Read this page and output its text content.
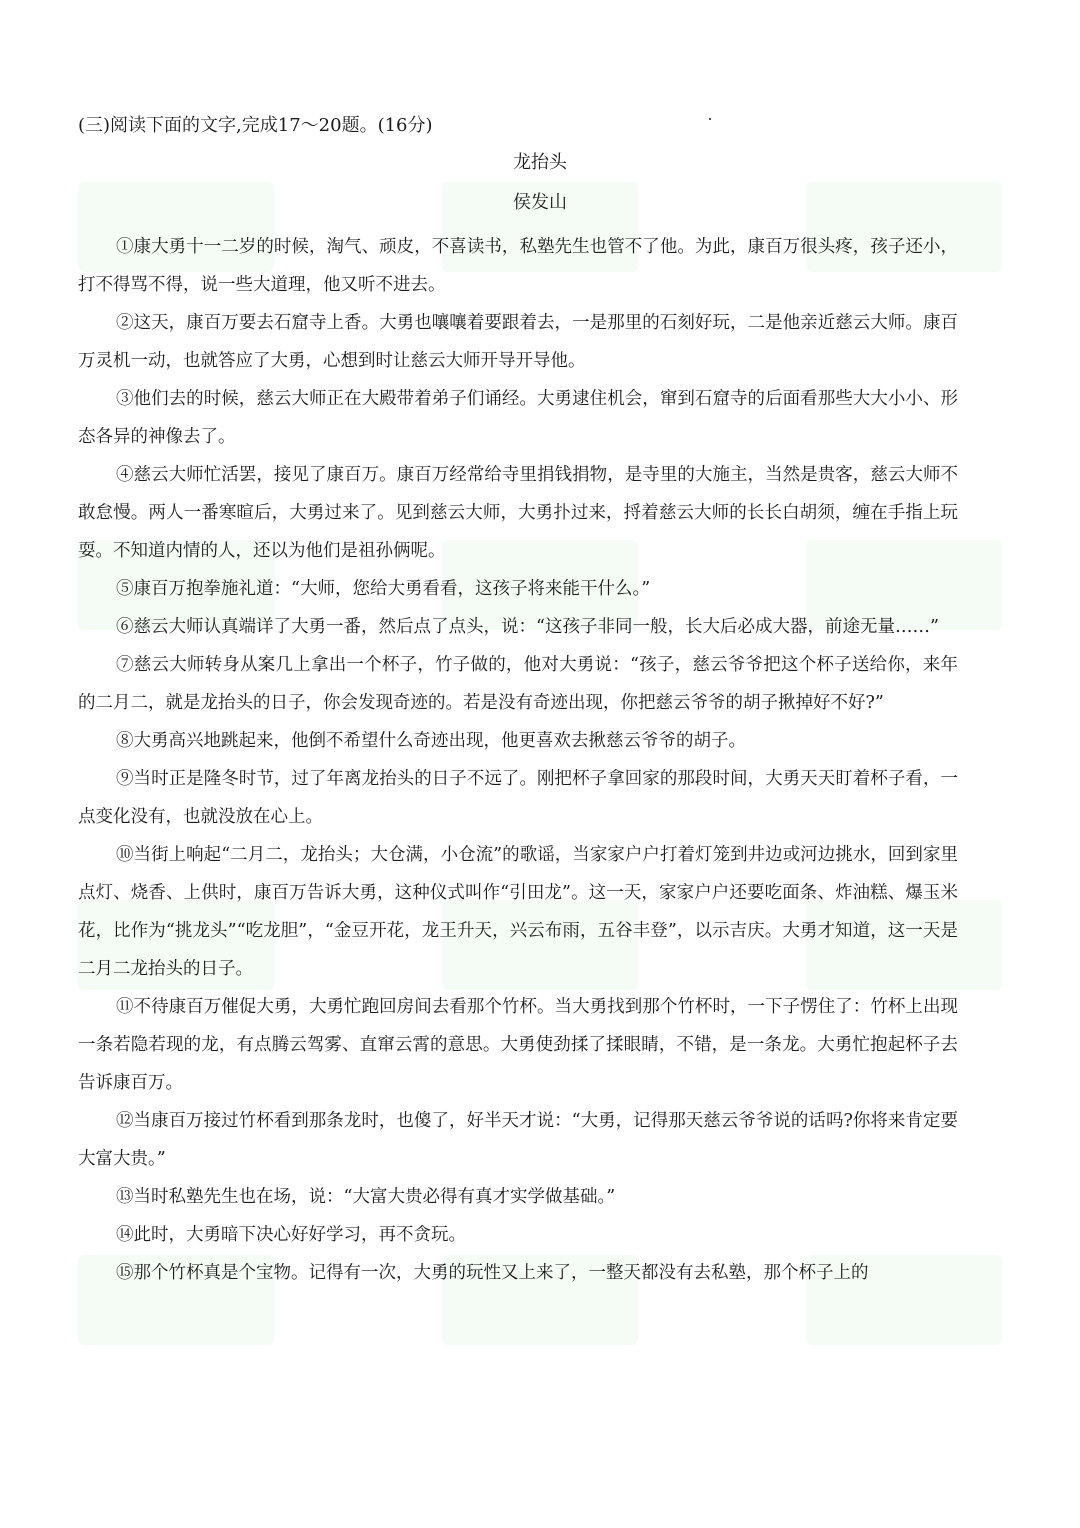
(三)阅读下面的文字,完成17～20题。(16分)
龙抬头
侯发山

①康大勇十一二岁的时候，淘气、顽皮，不喜读书，私塾先生也管不了他。为此，康百万很头疼，孩子还小，打不得骂不得，说一些大道理，他又听不进去。

②这天，康百万要去石窟寺上香。大勇也嚷嚷着要跟着去，一是那里的石刻好玩，二是他亲近慈云大师。康百万灵机一动，也就答应了大勇，心想到时让慈云大师开导开导他。

③他们去的时候，慈云大师正在大殿带着弟子们诵经。大勇逮住机会，窜到石窟寺的后面看那些大大小小、形态各异的神像去了。

④慈云大师忙活罢，接见了康百万。康百万经常给寺里捐钱捐物，是寺里的大施主，当然是贵客，慈云大师不敢怠慢。两人一番寒暄后，大勇过来了。见到慈云大师，大勇扑过来，捋着慈云大师的长长白胡须，缠在手指上玩耍。不知道内情的人，还以为他们是祖孙俩呢。

⑤康百万抱拳施礼道：“大师，您给大勇看看，这孩子将来能干什么。”

⑥慈云大师认真端详了大勇一番，然后点了点头，说：“这孩子非同一般，长大后必成大器，前途无量……”

⑦慈云大师转身从案几上拿出一个杯子，竹子做的，他对大勇说：“孩子，慈云爷爷把这个杯子送给你，来年的二月二，就是龙抬头的日子，你会发现奇迹的。若是没有奇迹出现，你把慈云爷爷的胡子揪掉好不好?”

⑧大勇高兴地跳起来，他倒不希望什么奇迹出现，他更喜欢去揪慈云爷爷的胡子。

⑨当时正是隆冬时节，过了年离龙抬头的日子不远了。刚把杯子拿回家的那段时间，大勇天天盯着杯子看，一点变化没有，也就没放在心上。

⑩当街上响起“二月二，龙抬头；大仓满，小仓流”的歌谣，当家家户户打着灯笼到井边或河边挑水，回到家里点灯、烧香、上供时，康百万告诉大勇，这种仪式叫作“引田龙”。这一天，家家户户还要吃面条、炸油糕、爆玉米花，比作为“挑龙头”“吃龙胆”，“金豆开花，龙王升天，兴云布雨，五谷丰登”，以示吉庆。大勇才知道，这一天是二月二龙抬头的日子。

⑪不待康百万催促大勇，大勇忙跑回房间去看那个竹杯。当大勇找到那个竹杯时，一下子愣住了：竹杯上出现一条若隐若现的龙，有点腾云驾雾、直窜云霄的意思。大勇使劲揉了揉眼睛，不错，是一条龙。大勇忙抱起杯子去告诉康百万。

⑫当康百万接过竹杯看到那条龙时，也傻了，好半天才说：“大勇，记得那天慈云爷爷说的话吗?你将来肯定要大富大贵。”

⑬当时私塾先生也在场，说：“大富大贵必得有真才实学做基础。”

⑭此时，大勇暗下决心好好学习，再不贪玩。

⑮那个竹杯真是个宝物。记得有一次，大勇的玩性又上来了，一整天都没有去私塾，那个杯子上的
